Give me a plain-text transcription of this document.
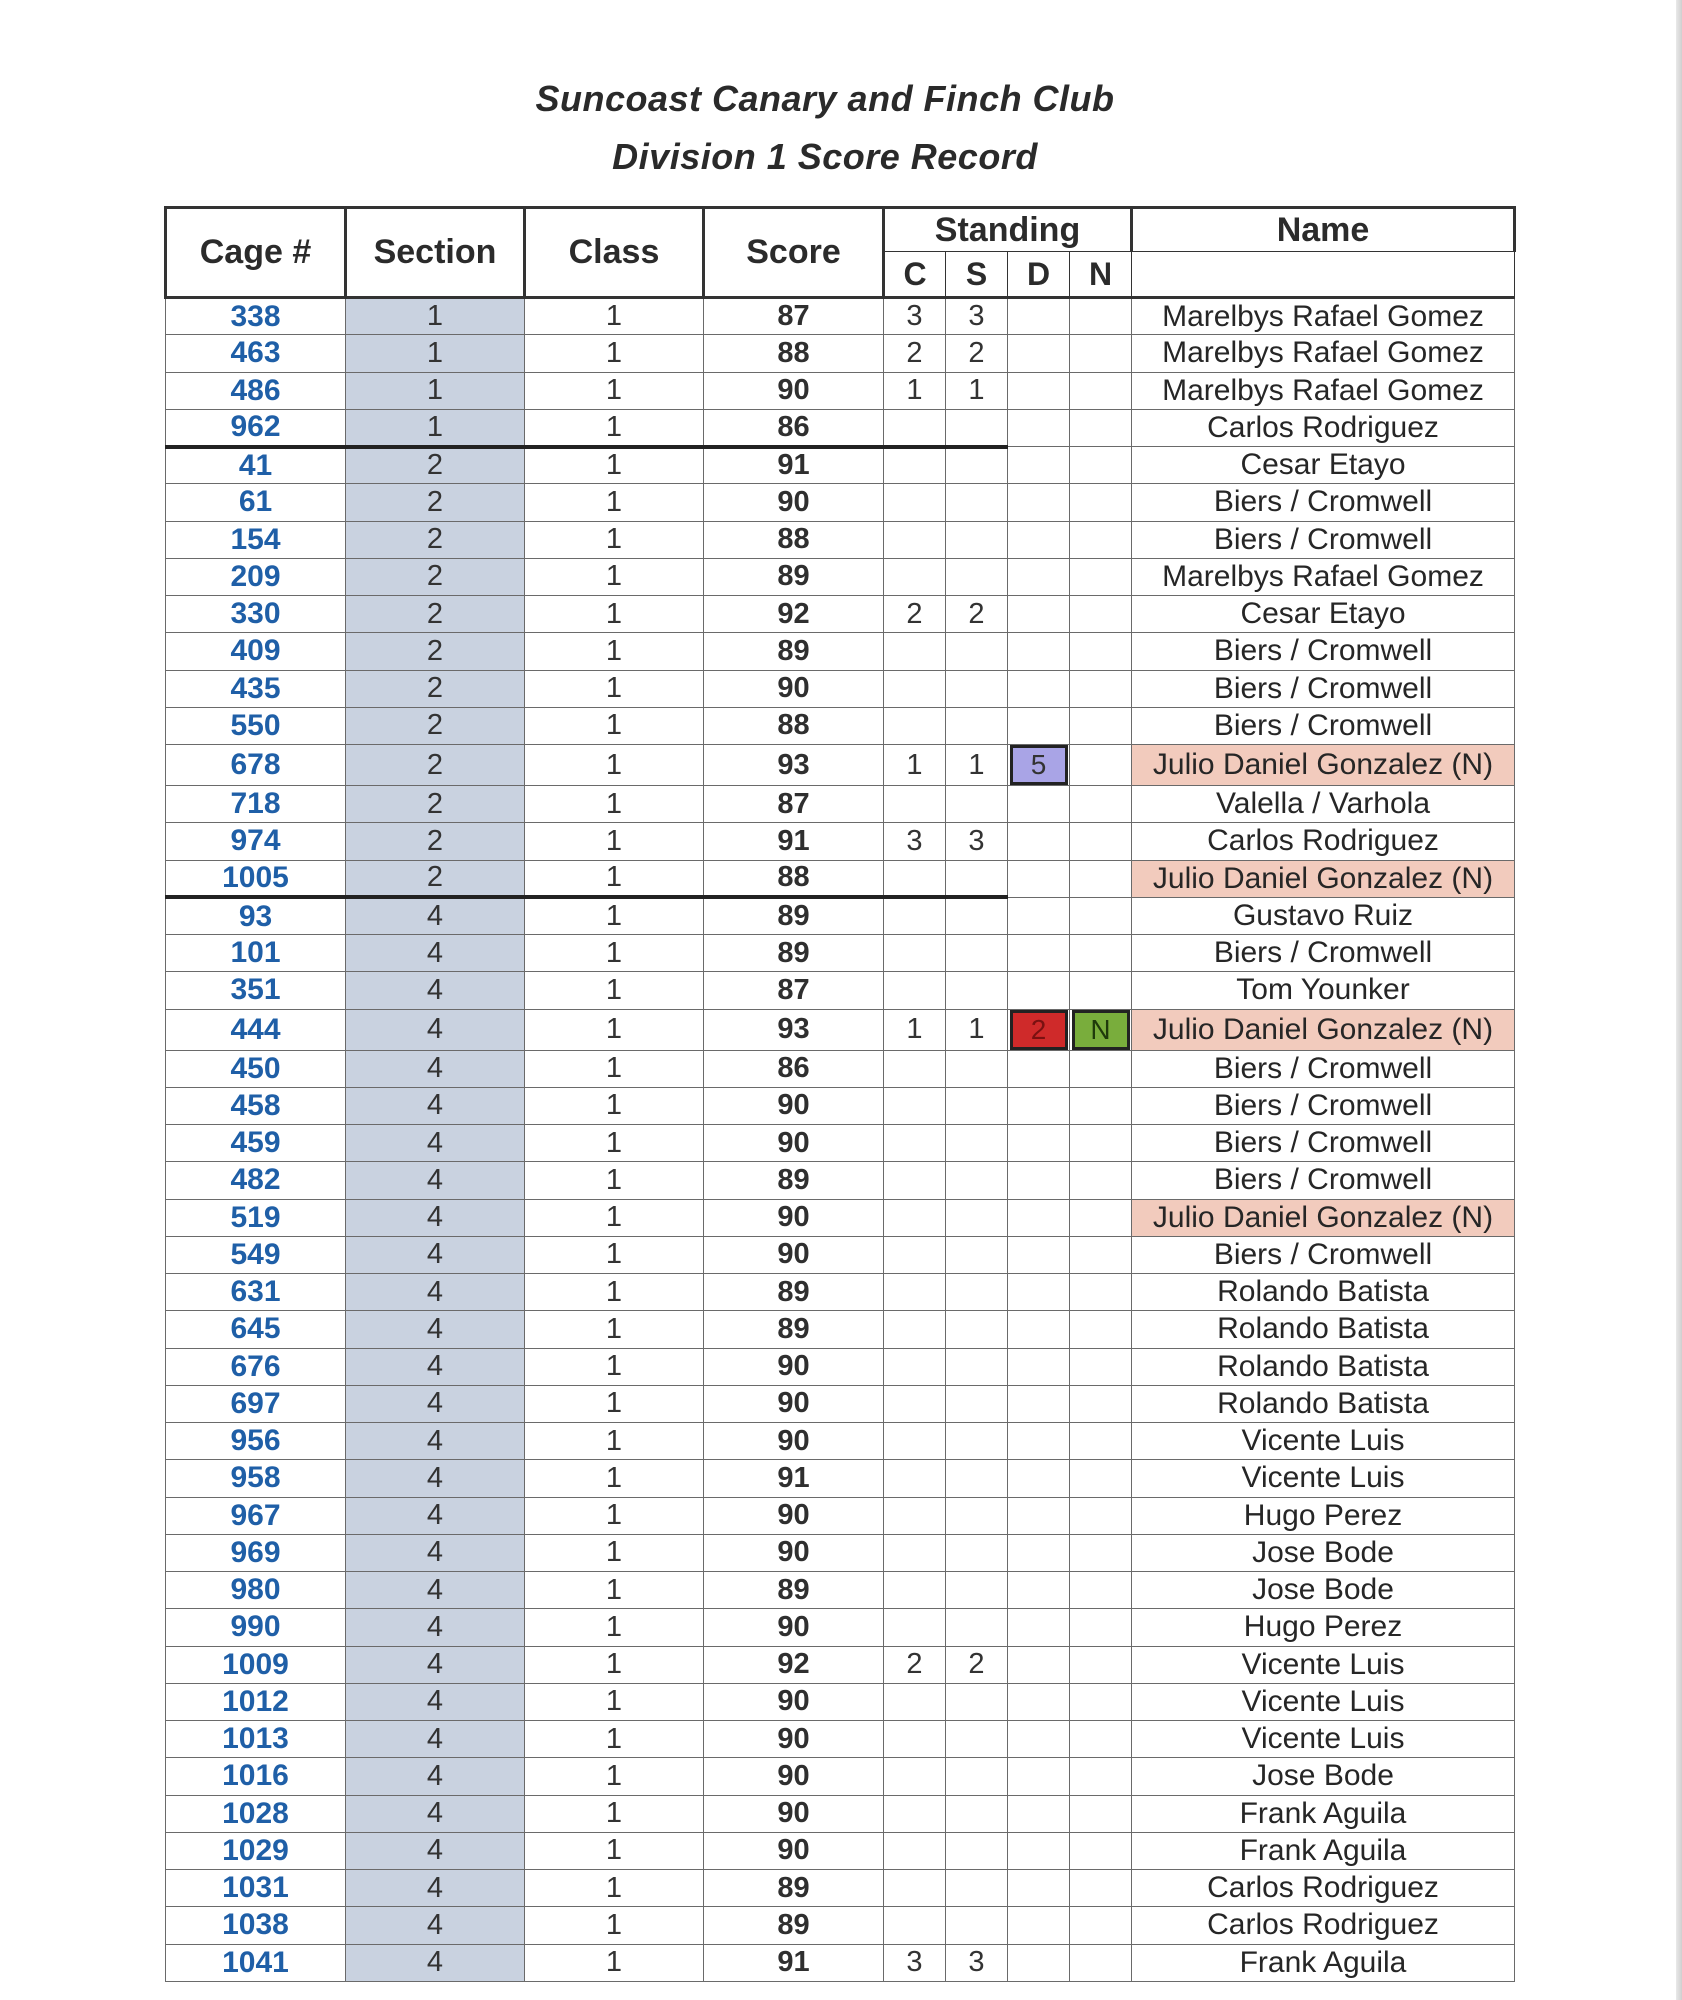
Suncoast Canary and Finch Club
Division 1 Score Record
Cage #	Section	Class	Score	Standing				Name
				C	S	D	N	
338	1	1	87	3	3			Marelbys Rafael Gomez
463	1	1	88	2	2			Marelbys Rafael Gomez
486	1	1	90	1	1			Marelbys Rafael Gomez
962	1	1	86					Carlos Rodriguez
41	2	1	91					Cesar Etayo
61	2	1	90					Biers / Cromwell
154	2	1	88					Biers / Cromwell
209	2	1	89					Marelbys Rafael Gomez
330	2	1	92	2	2			Cesar Etayo
409	2	1	89					Biers / Cromwell
435	2	1	90					Biers / Cromwell
550	2	1	88					Biers / Cromwell
678	2	1	93	1	1	5		Julio Daniel Gonzalez (N)
718	2	1	87					Valella / Varhola
974	2	1	91	3	3			Carlos Rodriguez
1005	2	1	88					Julio Daniel Gonzalez (N)
93	4	1	89					Gustavo Ruiz
101	4	1	89					Biers / Cromwell
351	4	1	87					Tom Younker
444	4	1	93	1	1	2	N	Julio Daniel Gonzalez (N)
450	4	1	86					Biers / Cromwell
458	4	1	90					Biers / Cromwell
459	4	1	90					Biers / Cromwell
482	4	1	89					Biers / Cromwell
519	4	1	90					Julio Daniel Gonzalez (N)
549	4	1	90					Biers / Cromwell
631	4	1	89					Rolando Batista
645	4	1	89					Rolando Batista
676	4	1	90					Rolando Batista
697	4	1	90					Rolando Batista
956	4	1	90					Vicente Luis
958	4	1	91					Vicente Luis
967	4	1	90					Hugo Perez
969	4	1	90					Jose Bode
980	4	1	89					Jose Bode
990	4	1	90					Hugo Perez
1009	4	1	92	2	2			Vicente Luis
1012	4	1	90					Vicente Luis
1013	4	1	90					Vicente Luis
1016	4	1	90					Jose Bode
1028	4	1	90					Frank Aguila
1029	4	1	90					Frank Aguila
1031	4	1	89					Carlos Rodriguez
1038	4	1	89					Carlos Rodriguez
1041	4	1	91	3	3			Frank Aguila
